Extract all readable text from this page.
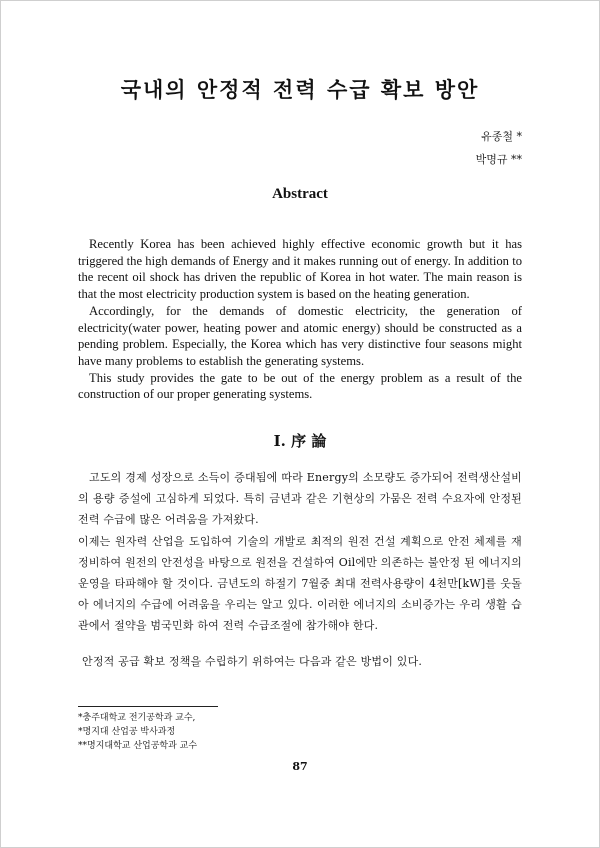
국내의 안정적 전력 수급 확보 방안
유종철 *
박명규 **
Abstract

Recently Korea has been achieved highly effective economic growth but it has triggered the high demands of Energy and it makes running out of energy. In addition to the recent oil shock has driven the republic of Korea in hot water. The main reason is that the most electricity production system is based on the heating generation.

Accordingly, for the demands of domestic electricity, the generation of electricity(water power, heating power and atomic energy) should be constructed as a pending problem. Especially, the Korea which has very distinctive four seasons might have many problems to establish the generating systems.

This study provides the gate to be out of the energy problem as a result of the construction of our proper generating systems.

I. 序 論

고도의 경제 성장으로 소득이 증대됨에 따라 Energy의 소모량도 증가되어 전력생산설비의 용량 증설에 고심하게 되었다. 특히 금년과 같은 기현상의 가뭄은 전력 수요자에 안정된 전력 수급에 많은 어려움을 가져왔다.

이제는 원자력 산업을 도입하여 기술의 개발로 최적의 원전 건설 계획으로 안전 체제를 재정비하여 원전의 안전성을 바탕으로 원전을 건설하여 Oil에만 의존하는 불안정 된 에너지의 운영을 타파해야 할 것이다. 금년도의 하절기 7월중 최대 전력사용량이 4천만[kW]를 웃돌아 에너지의 수급에 어려움을 우리는 알고 있다. 이러한 에너지의 소비증가는 우리 생활 습관에서 절약을 범국민화 하여 전력 수급조절에 참가해야 한다.

안정적 공급 확보 정책을 수립하기 위하여는 다음과 같은 방법이 있다.

*충주대학교 전기공학과 교수,
*명지대 산업공 박사과정
**명지대학교 산업공학과 교수
87
